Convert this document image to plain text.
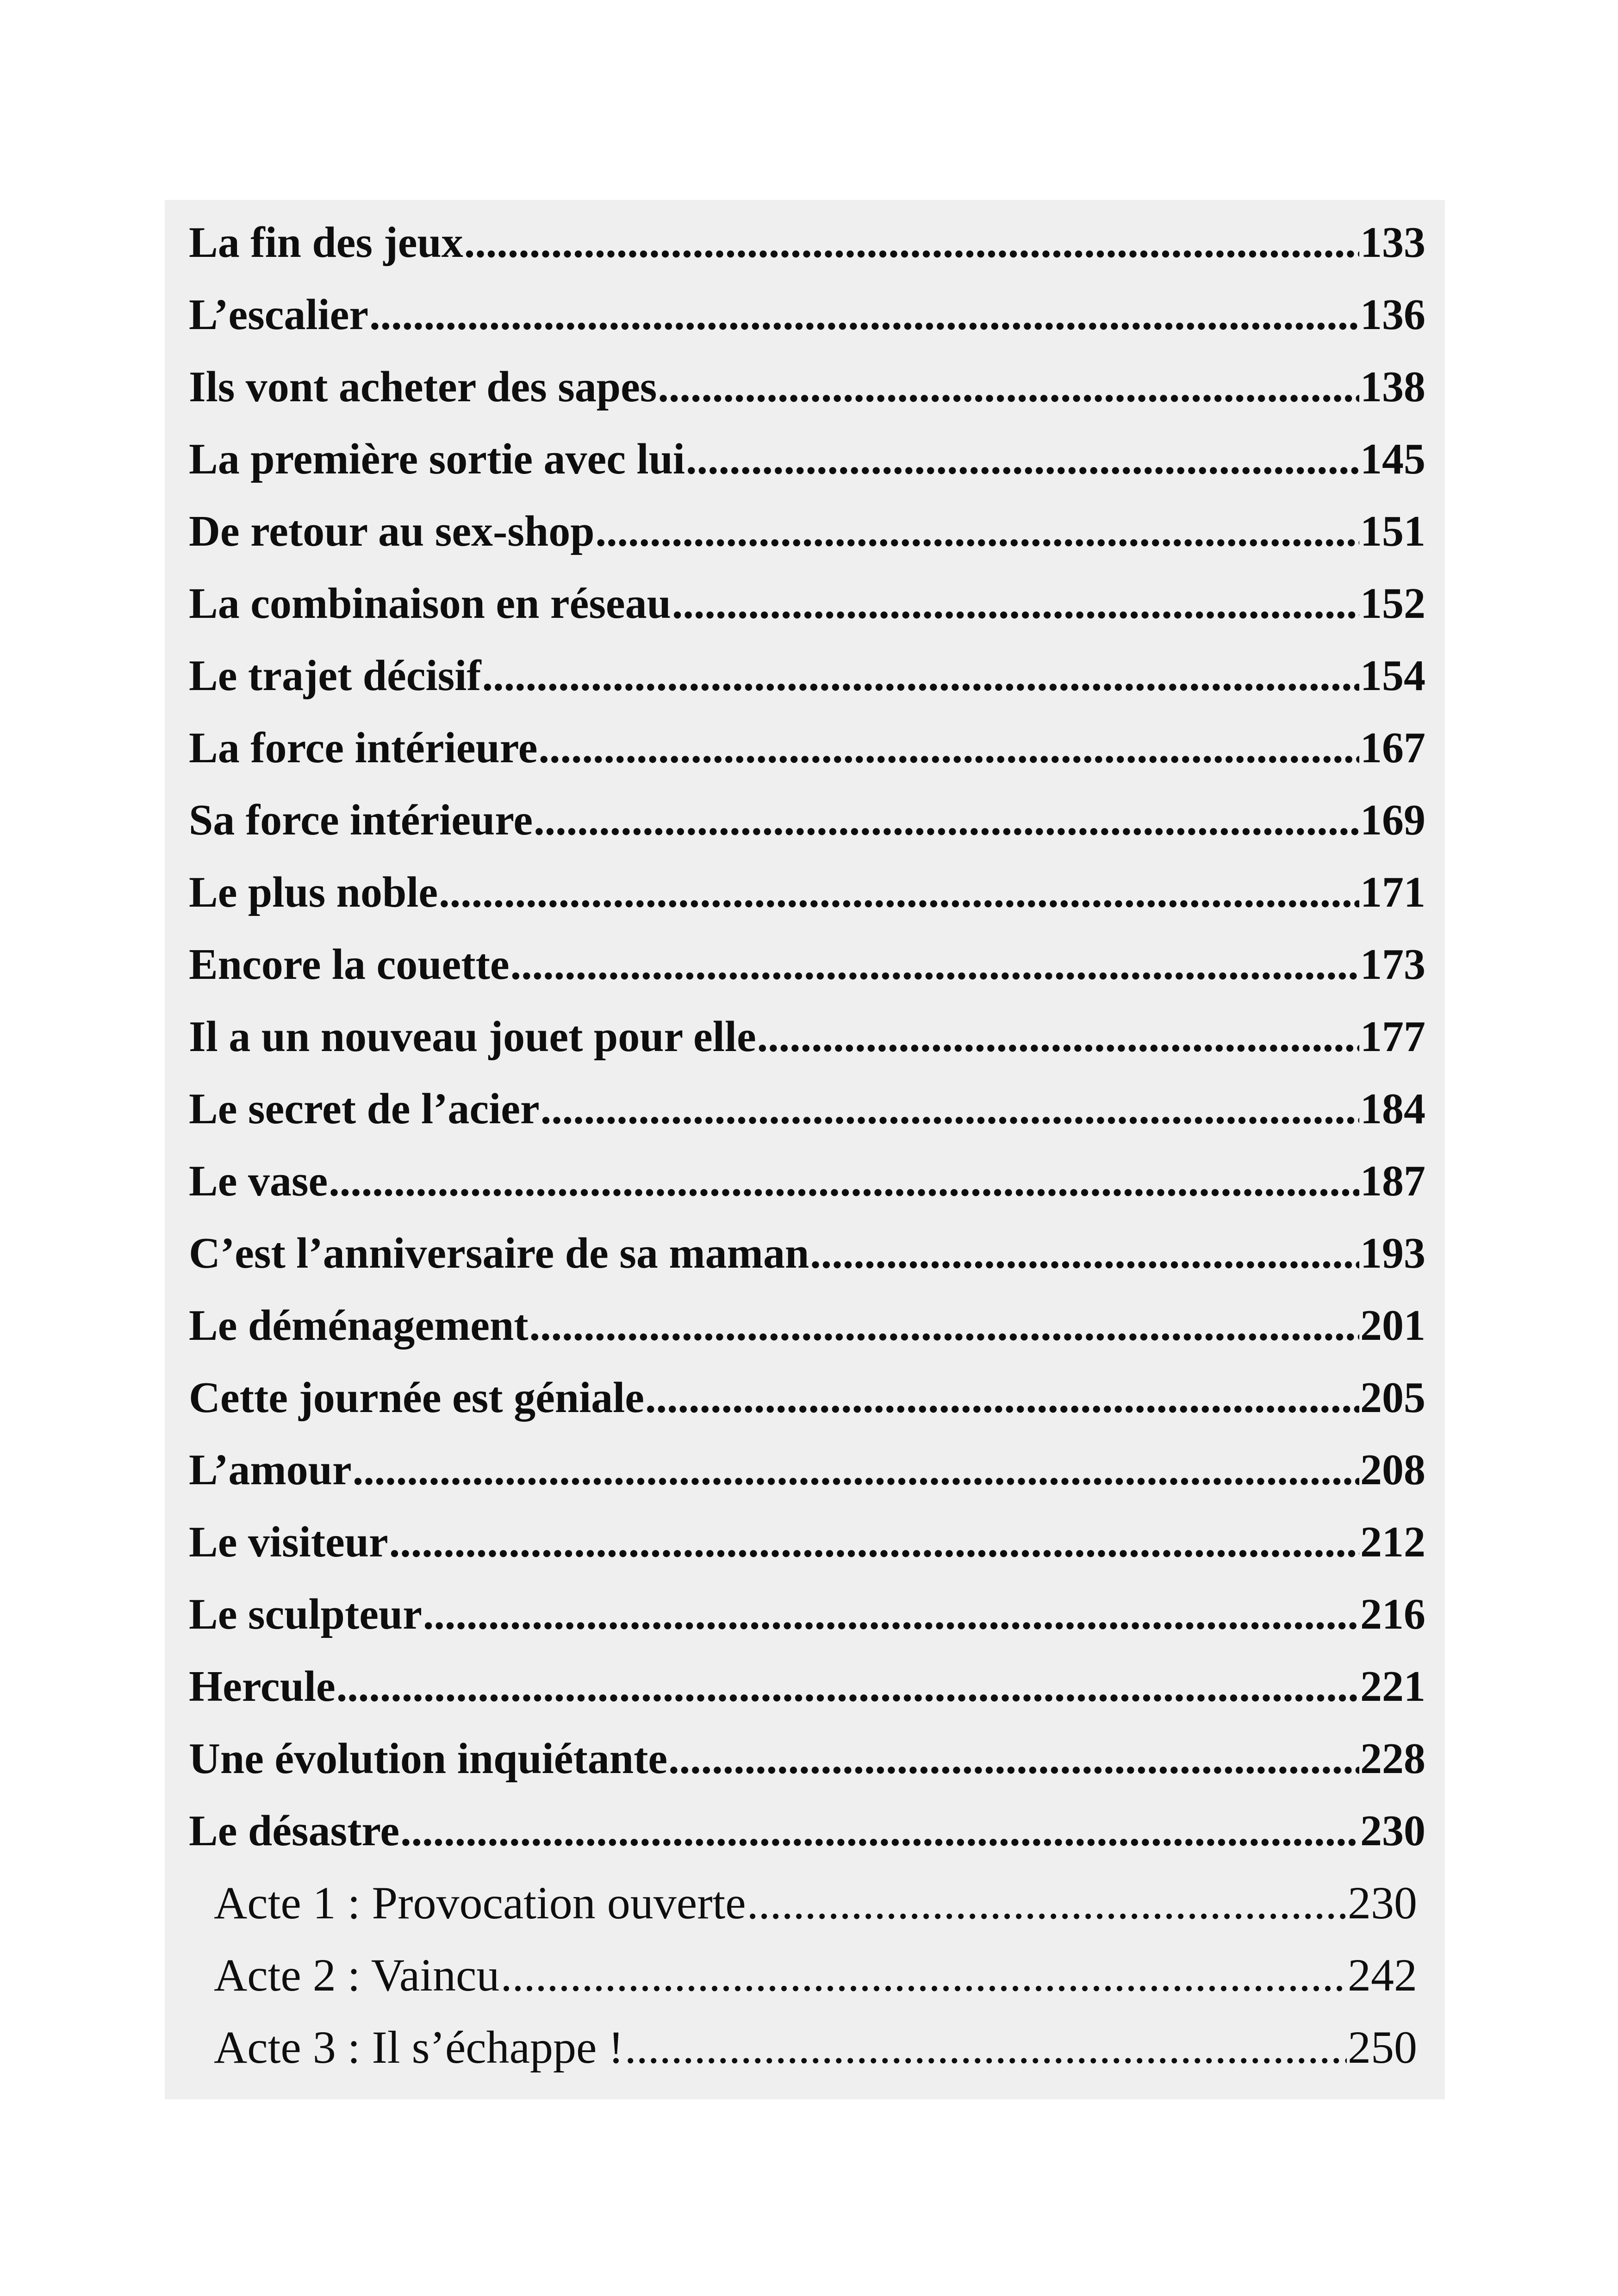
La fin des jeux .....	133
L’escalier .....	136
Ils vont acheter des sapes .....	138
La première sortie avec lui .....	145
De retour au sex-shop .....	151
La combinaison en réseau .....	152
Le trajet décisif .....	154
La force intérieure .....	167
Sa force intérieure .....	169
Le plus noble .....	171
Encore la couette .....	173
Il a un nouveau jouet pour elle .....	177
Le secret de l’acier .....	184
Le vase .....	187
C’est l’anniversaire de sa maman .....	193
Le déménagement .....	201
Cette journée est géniale .....	205
L’amour .....	208
Le visiteur .....	212
Le sculpteur .....	216
Hercule .....	221
Une évolution inquiétante .....	228
Le désastre .....	230
Acte 1 : Provocation ouverte .....	230
Acte 2 : Vaincu .....	242
Acte 3 : Il s’échappe ! .....	250
